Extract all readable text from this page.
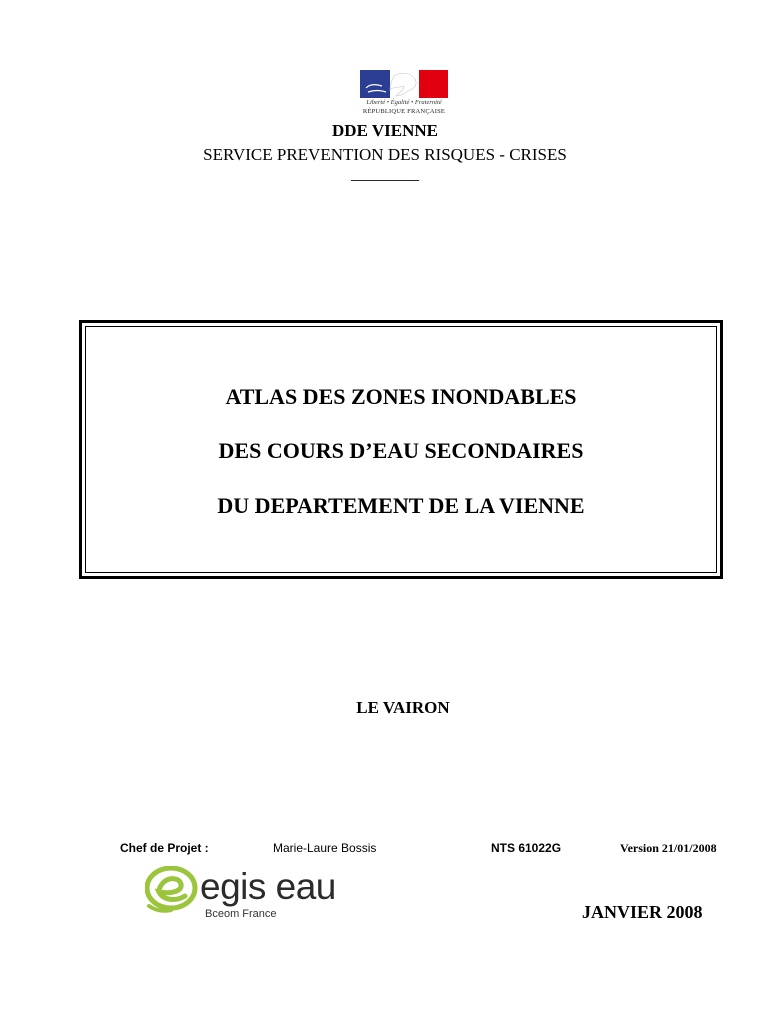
Liberté • Égalité • Fraternité
RÉPUBLIQUE FRANÇAISE
DDE VIENNE
SERVICE PREVENTION DES RISQUES - CRISES
________
ATLAS DES ZONES INONDABLES
DES COURS D’EAU SECONDAIRES
DU DEPARTEMENT DE LA VIENNE
LE VAIRON
Chef de Projet :	Marie-Laure Bossis	NTS 61022G	Version 21/01/2008
egis eau
Bceom France	JANVIER 2008
